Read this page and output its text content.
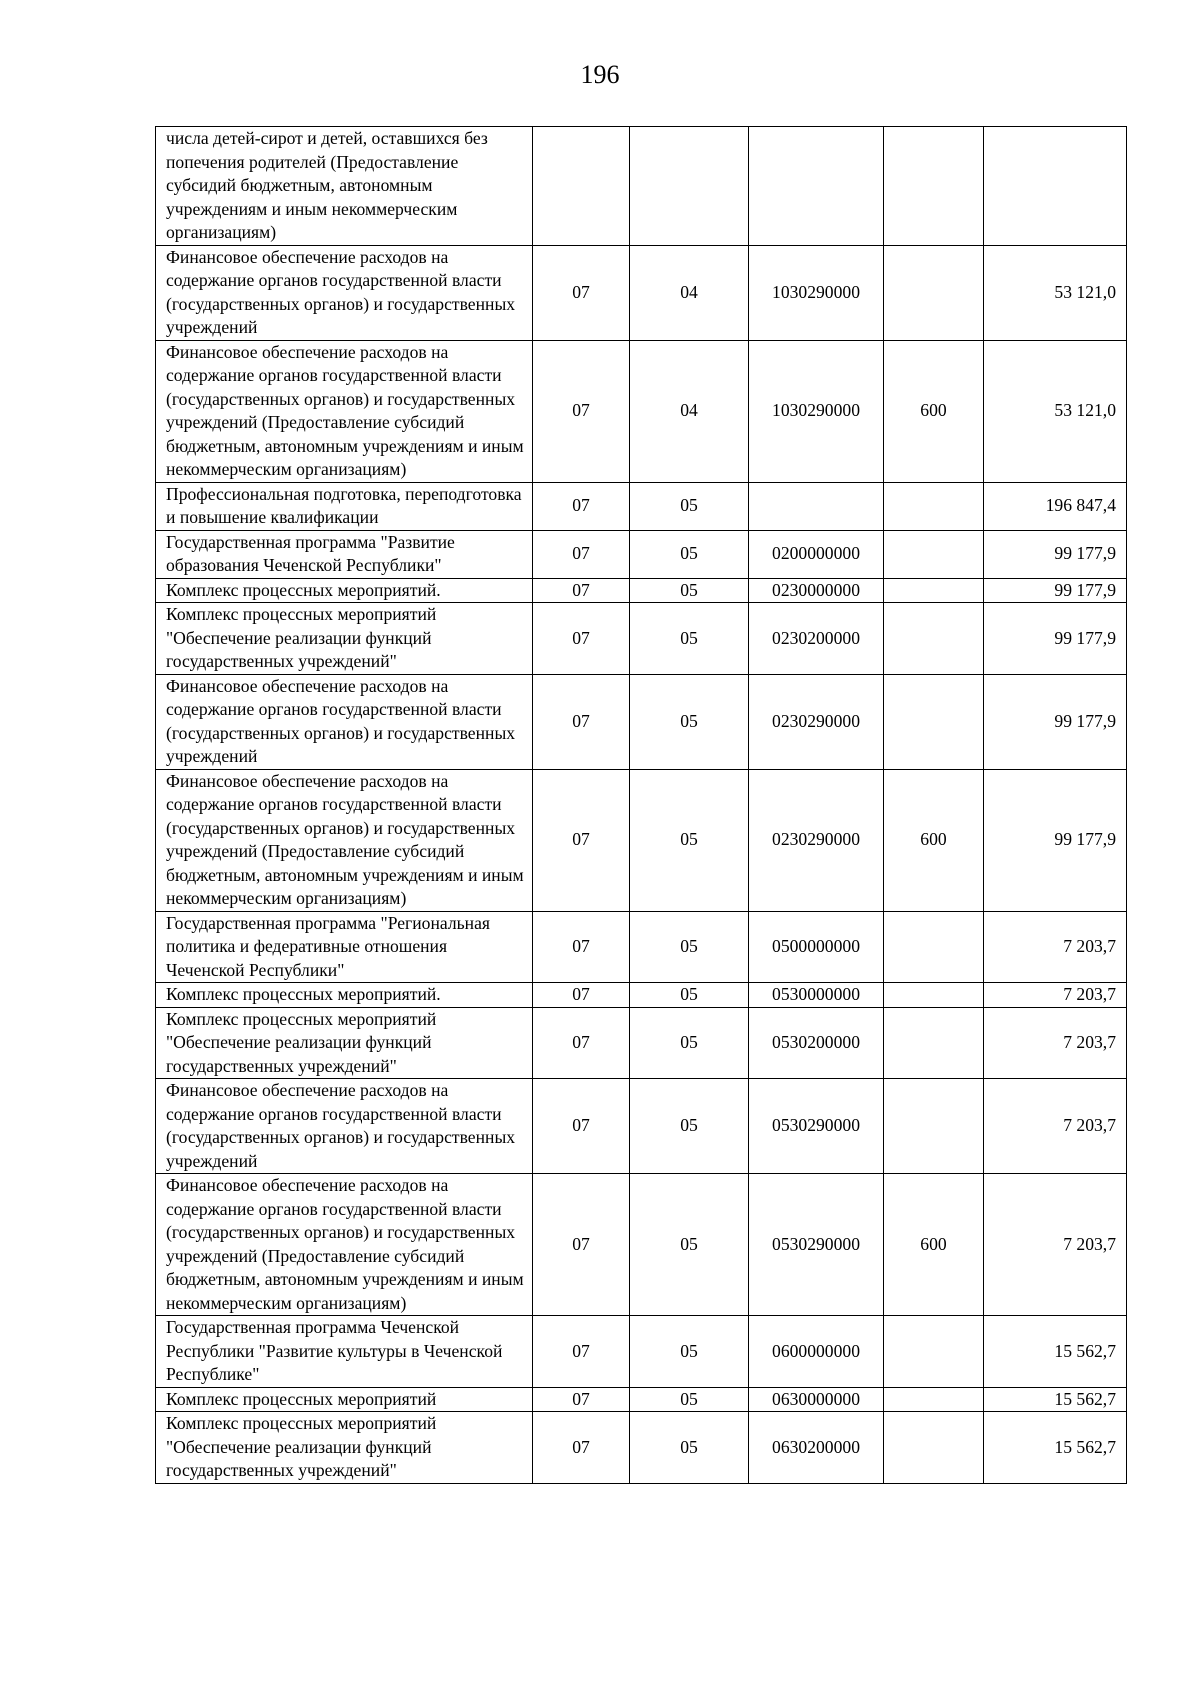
196
числа детей-сирот и детей, оставшихся без попечения родителей (Предоставление субсидий бюджетным, автономным учреждениям и иным некоммерческим организациям)					
Финансовое обеспечение расходов на содержание органов государственной власти (государственных органов) и государственных учреждений	07	04	1030290000		53 121,0
Финансовое обеспечение расходов на содержание органов государственной власти (государственных органов) и государственных учреждений (Предоставление субсидий бюджетным, автономным учреждениям и иным некоммерческим организациям)	07	04	1030290000	600	53 121,0
Профессиональная подготовка, переподготовка и повышение квалификации	07	05			196 847,4
Государственная программа "Развитие образования Чеченской Республики"	07	05	0200000000		99 177,9
Комплекс процессных мероприятий.	07	05	0230000000		99 177,9
Комплекс процессных мероприятий "Обеспечение реализации функций государственных учреждений"	07	05	0230200000		99 177,9
Финансовое обеспечение расходов на содержание органов государственной власти (государственных органов) и государственных учреждений	07	05	0230290000		99 177,9
Финансовое обеспечение расходов на содержание органов государственной власти (государственных органов) и государственных учреждений (Предоставление субсидий бюджетным, автономным учреждениям и иным некоммерческим организациям)	07	05	0230290000	600	99 177,9
Государственная программа "Региональная политика и федеративные отношения Чеченской Республики"	07	05	0500000000		7 203,7
Комплекс процессных мероприятий.	07	05	0530000000		7 203,7
Комплекс процессных мероприятий "Обеспечение реализации функций государственных учреждений"	07	05	0530200000		7 203,7
Финансовое обеспечение расходов на содержание органов государственной власти (государственных органов) и государственных учреждений	07	05	0530290000		7 203,7
Финансовое обеспечение расходов на содержание органов государственной власти (государственных органов) и государственных учреждений (Предоставление субсидий бюджетным, автономным учреждениям и иным некоммерческим организациям)	07	05	0530290000	600	7 203,7
Государственная программа Чеченской Республики "Развитие культуры в Чеченской Республике"	07	05	0600000000		15 562,7
Комплекс процессных мероприятий	07	05	0630000000		15 562,7
Комплекс процессных мероприятий "Обеспечение реализации функций государственных учреждений"	07	05	0630200000		15 562,7
